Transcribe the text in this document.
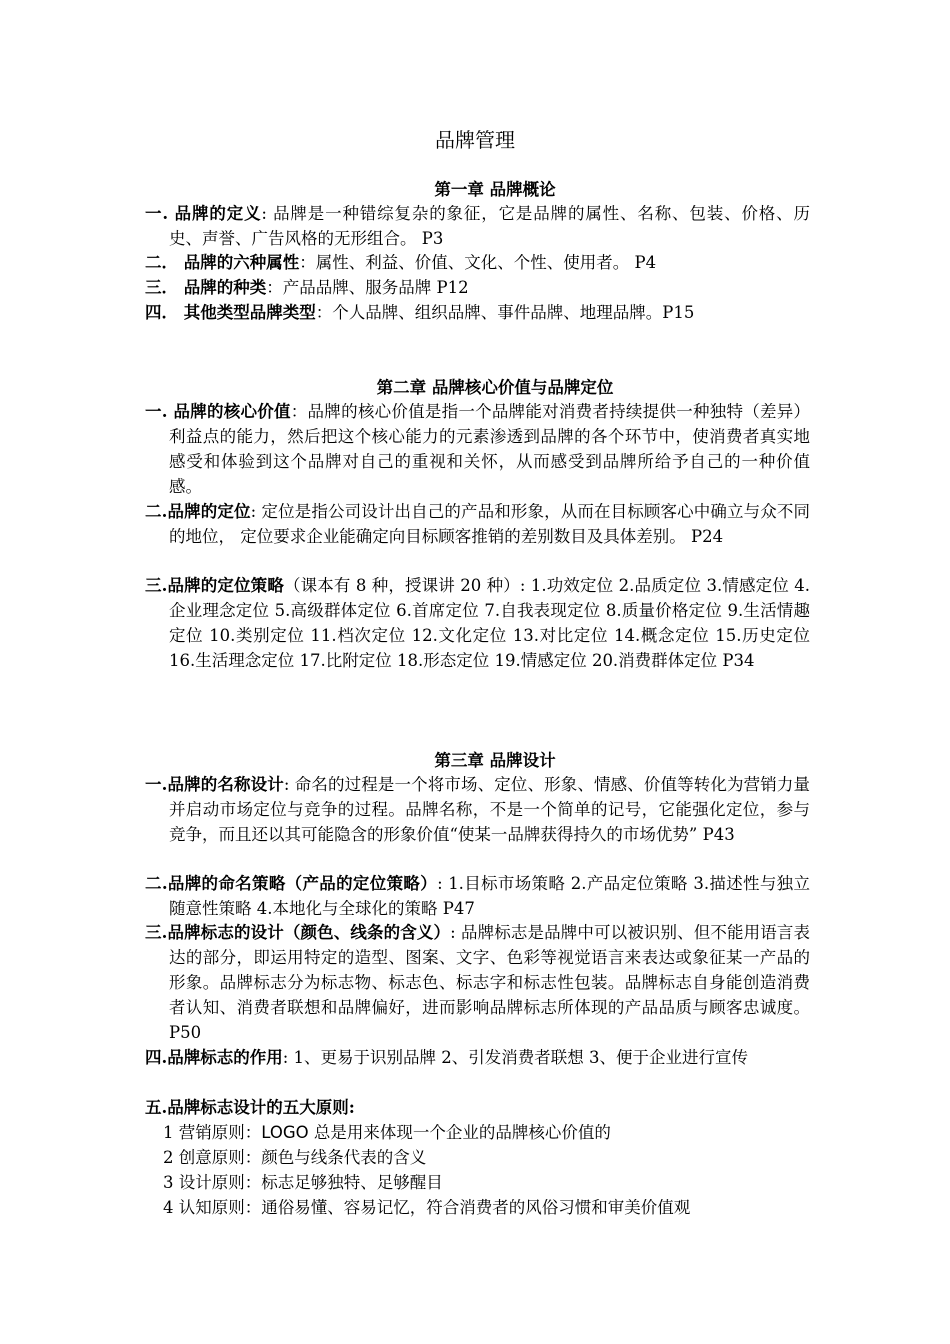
品牌管理
第一章 品牌概论
一. 品牌的定义: 品牌是一种错综复杂的象征，它是品牌的属性、名称、包装、价格、历史、声誉、广告风格的无形组合。 P3
二． 品牌的六种属性：属性、利益、价值、文化、个性、使用者。 P4
三． 品牌的种类：产品品牌、服务品牌 P12
四． 其他类型品牌类型：个人品牌、组织品牌、事件品牌、地理品牌。P15
第二章 品牌核心价值与品牌定位
一. 品牌的核心价值：品牌的核心价值是指一个品牌能对消费者持续提供一种独特（差异）利益点的能力，然后把这个核心能力的元素渗透到品牌的各个环节中，使消费者真实地感受和体验到这个品牌对自己的重视和关怀，从而感受到品牌所给予自己的一种价值感。
二.品牌的定位: 定位是指公司设计出自己的产品和形象，从而在目标顾客心中确立与众不同的地位， 定位要求企业能确定向目标顾客推销的差别数目及具体差别。 P24
三.品牌的定位策略（课本有 8 种，授课讲 20 种）: 1.功效定位 2.品质定位 3.情感定位 4.企业理念定位 5.高级群体定位 6.首席定位 7.自我表现定位 8.质量价格定位 9.生活情趣定位 10.类别定位 11.档次定位 12.文化定位 13.对比定位 14.概念定位 15.历史定位 16.生活理念定位 17.比附定位 18.形态定位 19.情感定位 20.消费群体定位 P34
第三章 品牌设计
一.品牌的名称设计: 命名的过程是一个将市场、定位、形象、情感、价值等转化为营销力量并启动市场定位与竞争的过程。品牌名称，不是一个简单的记号，它能强化定位，参与竞争，而且还以其可能隐含的形象价值“使某一品牌获得持久的市场优势” P43
二.品牌的命名策略（产品的定位策略）: 1.目标市场策略 2.产品定位策略 3.描述性与独立随意性策略 4.本地化与全球化的策略 P47
三.品牌标志的设计（颜色、线条的含义）: 品牌标志是品牌中可以被识别、但不能用语言表达的部分，即运用特定的造型、图案、文字、色彩等视觉语言来表达或象征某一产品的形象。品牌标志分为标志物、标志色、标志字和标志性包装。品牌标志自身能创造消费者认知、消费者联想和品牌偏好，进而影响品牌标志所体现的产品品质与顾客忠诚度。 P50
四.品牌标志的作用: 1、更易于识别品牌 2、引发消费者联想 3、便于企业进行宣传
五.品牌标志设计的五大原则:
1 营销原则：LOGO 总是用来体现一个企业的品牌核心价值的
2 创意原则：颜色与线条代表的含义
3 设计原则：标志足够独特、足够醒目
4 认知原则：通俗易懂、容易记忆，符合消费者的风俗习惯和审美价值观
